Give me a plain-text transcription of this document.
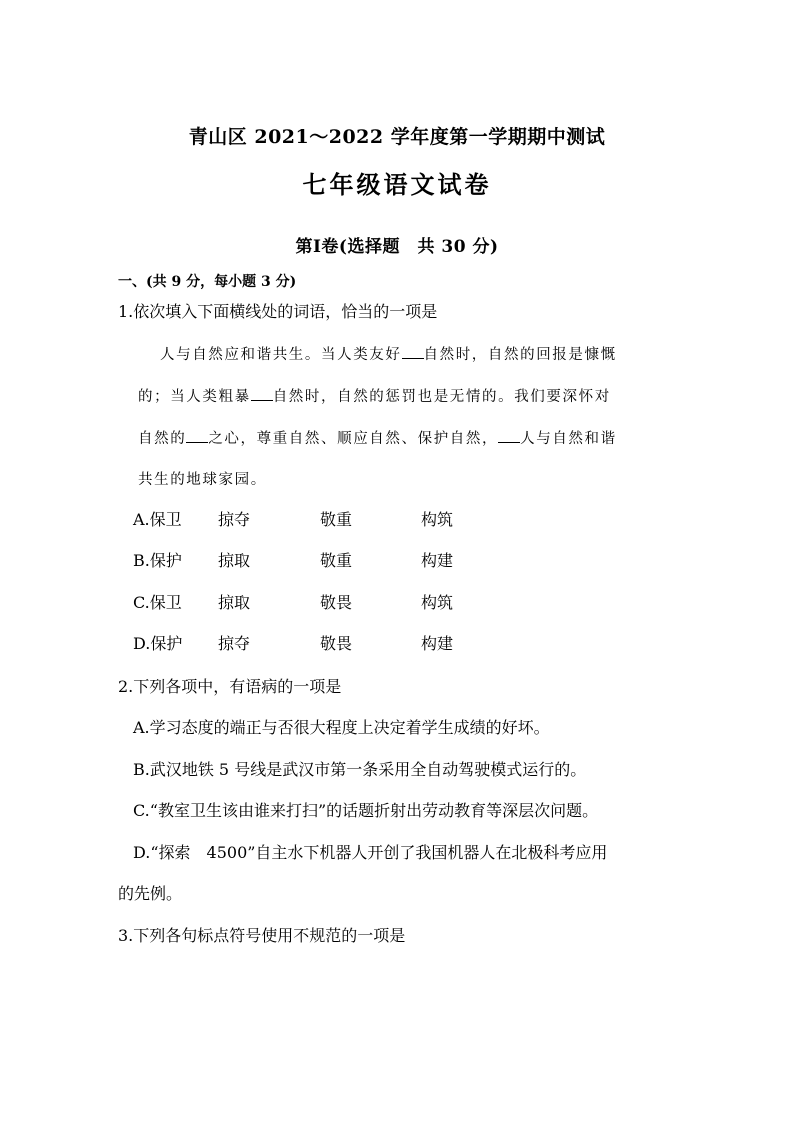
青山区 2021～2022 学年度第一学期期中测试
七年级语文试卷
第Ⅰ卷(选择题　共 30 分)
一、(共 9 分，每小题 3 分)
1.依次填入下面横线处的词语，恰当的一项是
人与自然应和谐共生。当人类友好 自然时，自然的回报是慷慨
的；当人类粗暴 自然时，自然的惩罚也是无情的。我们要深怀对
自然的 之心，尊重自然、顺应自然、保护自然， 人与自然和谐
共生的地球家园。
A.保卫 掠夺	敬重	构筑
B.保护 掠取	敬重	构建
C.保卫 掠取	敬畏	构筑
D.保护 掠夺	敬畏	构建
2.下列各项中，有语病的一项是
A.学习态度的端正与否很大程度上决定着学生成绩的好坏。
B.武汉地铁 5 号线是武汉市第一条采用全自动驾驶模式运行的。
C.“教室卫生该由谁来打扫”的话题折射出劳动教育等深层次问题。
D.“探索　4500”自主水下机器人开创了我国机器人在北极科考应用
的先例。
3.下列各句标点符号使用不规范的一项是
